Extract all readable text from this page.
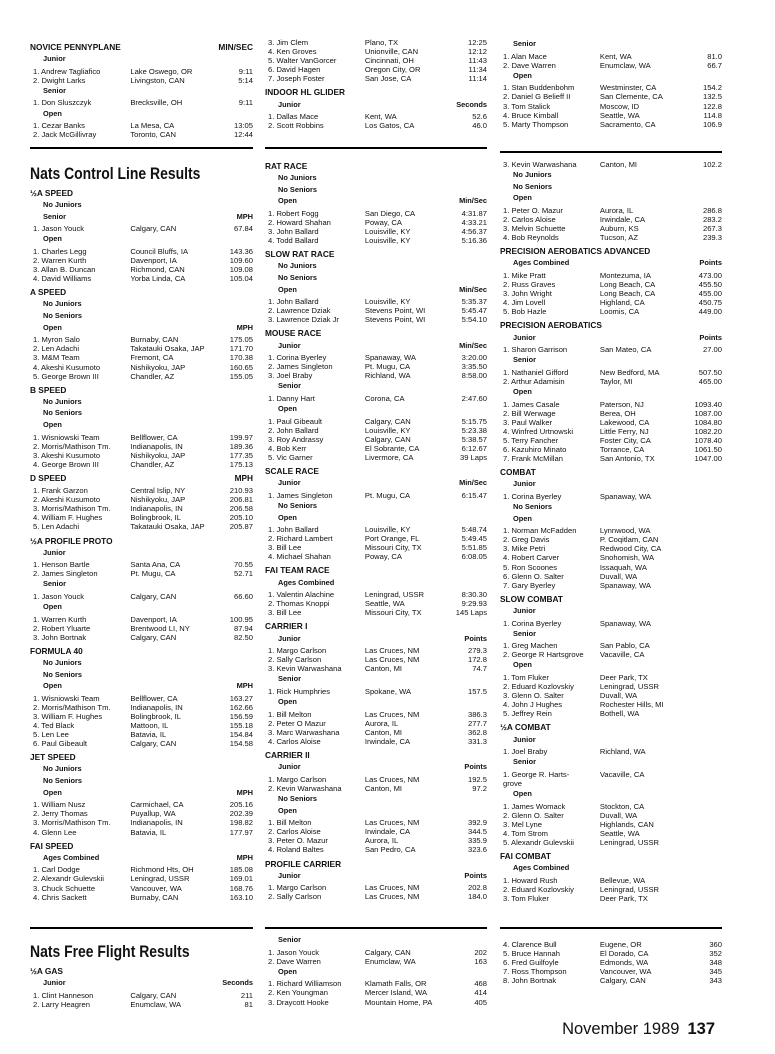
NOVICE PENNYPLANE	MIN/SEC
Junior
1. Andrew Tagliafico	Lake Oswego, OR	9:11
2. Dwight Larks	Livingston, CAN	5:14
Senior
1. Don Sluszczyk	Brecksville, OH	9:11
Open
1. Cezar Banks	La Mesa, CA	13:05
2. Jack McGillivray	Toronto, CAN	12:44
3. Jim Clem	Plano, TX	12:25
4. Ken Groves	Unionville, CAN	12:12
5. Walter VanGorcer	Cincinnati, OH	11:43
6. David Hagen	Oregon City, OR	11:34
7. Joseph Foster	San Jose, CA	11:14
INDOOR HL GLIDER
Junior	Seconds
1. Dallas Mace	Kent, WA	52.6
2. Scott Robbins	Los Gatos, CA	46.0
Senior
1. Alan Mace	Kent, WA	81.0
2. Dave Warren	Enumclaw, WA	66.7
Open
1. Stan Buddenbohm	Westminster, CA	154.2
2. Daniel G Belieff II	San Clemente, CA	132.5
3. Tom Stalick	Moscow, ID	122.8
4. Bruce Kimball	Seattle, WA	114.8
5. Marty Thompson	Sacramento, CA	106.9
Nats Control Line Results
½A SPEED
No Juniors
Senior	MPH
1. Jason Youck	Calgary, CAN	67.84
Open
1. Charles Legg	Council Bluffs, IA	143.36
2. Warren Kurth	Davenport, IA	109.60
3. Allan B. Duncan	Richmond, CAN	109.08
4. David Williams	Yorba Linda, CA	105.04
A SPEED
No Juniors
No Seniors
Open	MPH
1. Myron Salo	Burnaby, CAN	175.05
2. Len Adachi	Takatauki Osaka, JAP	171.70
3. M&M Team	Fremont, CA	170.38
4. Akeshi Kusumoto	Nishikyoku, JAP	160.65
5. George Brown III	Chandler, AZ	155.05
B SPEED
No Juniors
No Seniors
Open
1. Wisniowski Team	Bellflower, CA	199.97
2. Morris/Mathison Tm.	Indianapolis, IN	189.36
3. Akeshi Kusumoto	Nishikyoku, JAP	177.35
4. George Brown III	Chandler, AZ	175.13
D SPEED	MPH
1. Frank Garzon	Central Islip, NY	210.93
2. Akeshi Kusumoto	Nishikyoku, JAP	206.81
3. Morris/Mathison Tm.	Indianapolis, IN	206.58
4. William F. Hughes	Bolingbrook, IL	205.10
5. Len Adachi	Takatauki Osaka, JAP	205.87
½A PROFILE PROTO
Junior
1. Henson Bartle	Santa Ana, CA	70.55
2. James Singleton	Pt. Mugu, CA	52.71
Senior
1. Jason Youck	Calgary, CAN	66.60
Open
1. Warren Kurth	Davenport, IA	100.95
2. Robert Yluarte	Brentwood LI, NY	87.94
3. John Bortnak	Calgary, CAN	82.50
FORMULA 40
No Juniors
No Seniors
Open	MPH
1. Wisniowski Team	Bellflower, CA	163.27
2. Morris/Mathison Tm.	Indianapolis, IN	162.66
3. William F. Hughes	Bolingbrook, IL	156.59
4. Ted Black	Mattoon, IL	155.18
5. Len Lee	Batavia, IL	154.84
6. Paul Gibeault	Calgary, CAN	154.58
JET SPEED
No Juniors
No Seniors
Open	MPH
1. William Nusz	Carmichael, CA	205.16
2. Jerry Thomas	Puyallup, WA	202.39
3. Morris/Mathison Tm.	Indianapolis, IN	198.82
4. Glenn Lee	Batavia, IL	177.97
FAI SPEED
Ages Combined	MPH
1. Carl Dodge	Richmond Hts, OH	185.08
2. Alexandr Gulevskii	Leningrad, USSR	169.01
3. Chuck Schuette	Vancouver, WA	168.76
4. Chris Sackett	Burnaby, CAN	163.10
RAT RACE
No Juniors
No Seniors
Open	Min/Sec
1. Robert Fogg	San Diego, CA	4:31.87
2. Howard Shahan	Poway, CA	4:33.21
3. John Ballard	Louisville, KY	4:56.37
4. Todd Ballard	Louisville, KY	5:16.36
SLOW RAT RACE
No Juniors
No Seniors
Open	Min/Sec
1. John Ballard	Louisville, KY	5:35.37
2. Lawrence Dziak	Stevens Point, WI	5:45.47
3. Lawrence Dziak Jr	Stevens Point, WI	5:54.10
MOUSE RACE
Junior	Min/Sec
1. Corina Byerley	Spanaway, WA	3:20.00
2. James Singleton	Pt. Mugu, CA	3:35.50
3. Joel Braby	Richland, WA	8:58.00
Senior
1. Danny Hart	Corona, CA	2:47.60
Open
1. Paul Gibeault	Calgary, CAN	5:15.75
2. John Ballard	Louisville, KY	5:23.38
3. Roy Andrassy	Calgary, CAN	5:38.57
4. Bob Kerr	El Sobrante, CA	6:12.67
5. Vic Garner	Livermore, CA	39 Laps
SCALE RACE
Junior	Min/Sec
1. James Singleton	Pt. Mugu, CA	6:15.47
No Seniors
Open
1. John Ballard	Louisville, KY	5:48.74
2. Richard Lambert	Port Orange, FL	5:49.45
3. Bill Lee	Missouri City, TX	5:51.85
4. Michael Shahan	Poway, CA	6:08.05
FAI TEAM RACE
Ages Combined
1. Valentin Alachine	Leningrad, USSR	8:30.30
2. Thomas Knoppi	Seattle, WA	9:29.93
3. Bill Lee	Missouri City, TX	145 Laps
CARRIER I
Junior	Points
1. Margo Carlson	Las Cruces, NM	279.3
2. Sally Carlson	Las Cruces, NM	172.8
3. Kevin Warwashana	Canton, MI	74.7
Senior
1. Rick Humphries	Spokane, WA	157.5
Open
1. Bill Melton	Las Cruces, NM	386.3
2. Peter O Mazur	Aurora, IL	277.7
3. Marc Warwashana	Canton, MI	362.8
4. Carlos Aloise	Irwindale, CA	331.3
CARRIER II
Junior	Points
1. Margo Carlson	Las Cruces, NM	192.5
2. Kevin Warwashana	Canton, MI	97.2
No Seniors
Open
1. Bill Melton	Las Cruces, NM	392.9
2. Carlos Aloise	Irwindale, CA	344.5
3. Peter O. Mazur	Aurora, IL	335.9
4. Roland Baltes	San Pedro, CA	323.6
PROFILE CARRIER
Junior	Points
1. Margo Carlson	Las Cruces, NM	202.8
2. Sally Carlson	Las Cruces, NM	184.0
3. Kevin Warwashana	Canton, MI	102.2
No Juniors
No Seniors
Open
1. Peter O. Mazur	Aurora, IL	286.8
2. Carlos Aloise	Irwindale, CA	283.2
3. Melvin Schuette	Auburn, KS	267.3
4. Bob Reynolds	Tucson, AZ	239.3
PRECISION AEROBATICS ADVANCED
Ages Combined	Points
1. Mike Pratt	Montezuma, IA	473.00
2. Russ Graves	Long Beach, CA	455.50
3. John Wright	Long Beach, CA	455.00
4. Jim Lovell	Highland, CA	450.75
5. Bob Hazle	Loomis, CA	449.00
PRECISION AEROBATICS
Junior	Points
1. Sharon Garrison	San Mateo, CA	27.00
Senior
1. Nathaniel Gifford	New Bedford, MA	507.50
2. Arthur Adamisin	Taylor, MI	465.00
Open
1. James Casale	Paterson, NJ	1093.40
2. Bill Werwage	Berea, OH	1087.00
3. Paul Walker	Lakewood, CA	1084.80
4. Winfred Urtnowski	Little Ferry, NJ	1082.20
5. Terry Fancher	Foster City, CA	1078.40
6. Kazuhiro Minato	Torrance, CA	1061.50
7. Frank McMillan	San Antonio, TX	1047.00
COMBAT
Junior
1. Corina Byerley	Spanaway, WA
No Seniors
Open
1. Norman McFadden	Lynnwood, WA
2. Greg Davis	P. Coqitlam, CAN
3. Mike Petri	Redwood City, CA
4. Robert Carver	Snohomish, WA
5. Ron Scoones	Issaquah, WA
6. Glenn O. Salter	Duvall, WA
7. Gary Byerley	Spanaway, WA
SLOW COMBAT
Junior
1. Corina Byerley	Spanaway, WA
Senior
1. Greg Machen	San Pablo, CA
2. George R Hartsgrove	Vacaville, CA
Open
1. Tom Fluker	Deer Park, TX
2. Eduard Kozlovskiy	Leningrad, USSR
3. Glenn O. Salter	Duvall, WA
4. John J Hughes	Rochester Hills, MI
5. Jeffrey Rein	Bothell, WA
½A COMBAT
Junior
1. Joel Braby	Richland, WA
Senior
1. George R. Harts-	Vacaville, CA
grove
Open
1. James Womack	Stockton, CA
2. Glenn O. Salter	Duvall, WA
3. Mel Lyne	Highlands, CAN
4. Tom Strom	Seattle, WA
5. Alexandr Gulevskii	Leningrad, USSR
FAI COMBAT
Ages Combined
1. Howard Rush	Bellevue, WA
2. Eduard Kozlovskiy	Leningrad, USSR
3. Tom Fluker	Deer Park, TX
Nats Free Flight Results
½A GAS
Junior	Seconds
1. Clint Hanneson	Calgary, CAN	211
2. Larry Heagren	Enumclaw, WA	81
Senior
1. Jason Youck	Calgary, CAN	202
2. Dave Warren	Enumclaw, WA	163
Open
1. Richard Williamson	Klamath Falls, OR	468
2. Ken Youngman	Mercer Island, WA	414
3. Draycott Hooke	Mountain Home, PA	405
4. Clarence Bull	Eugene, OR	360
5. Bruce Hannah	El Dorado, CA	352
6. Fred Guilfoyle	Edmonds, WA	348
7. Ross Thompson	Vancouver, WA	345
8. John Bortnak	Calgary, CAN	343
November 1989 137
